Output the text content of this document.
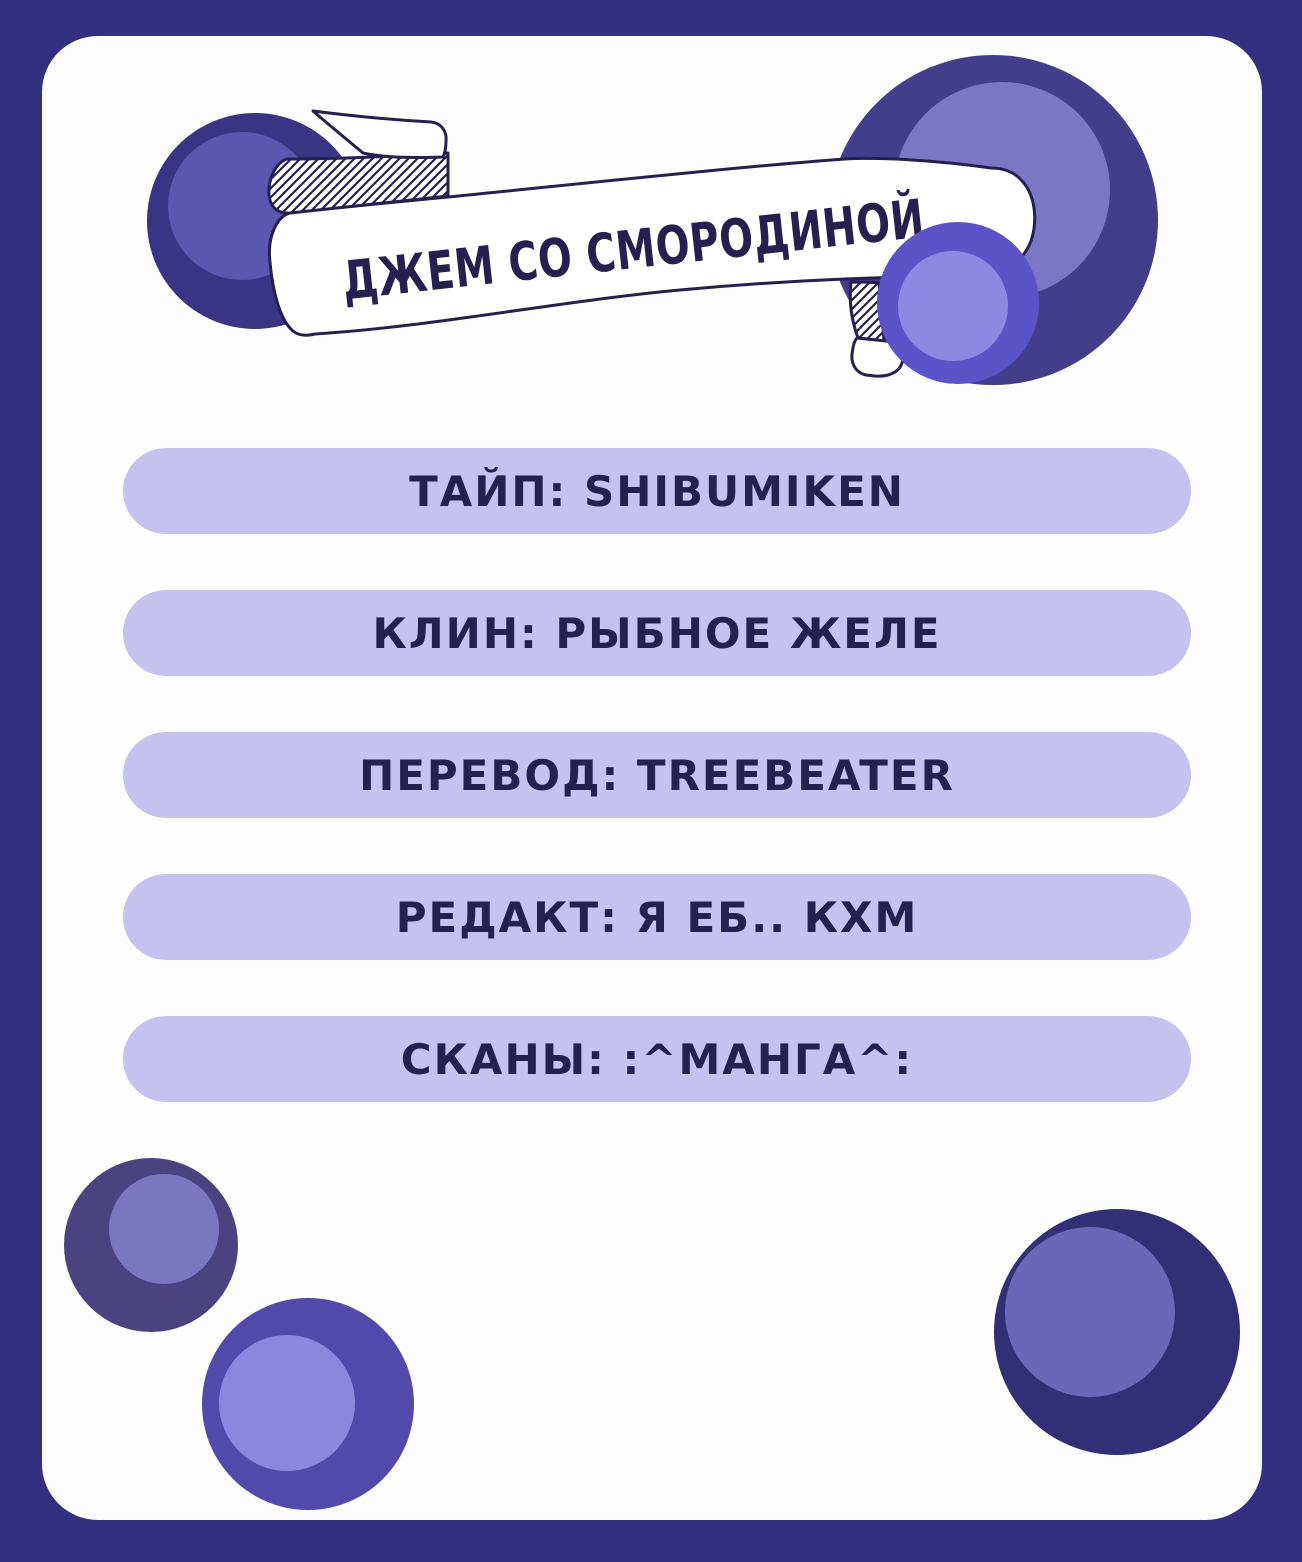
ДЖЕМ СО СМОРОДИНОЙ
ТАЙП: SHIBUMIKEN
КЛИН: РЫБНОЕ ЖЕЛЕ
ПЕРЕВОД: TREEBEATER
РЕДАКТ: Я ЕБ.. КХМ
СКАНЫ: :^МАНГА^:
